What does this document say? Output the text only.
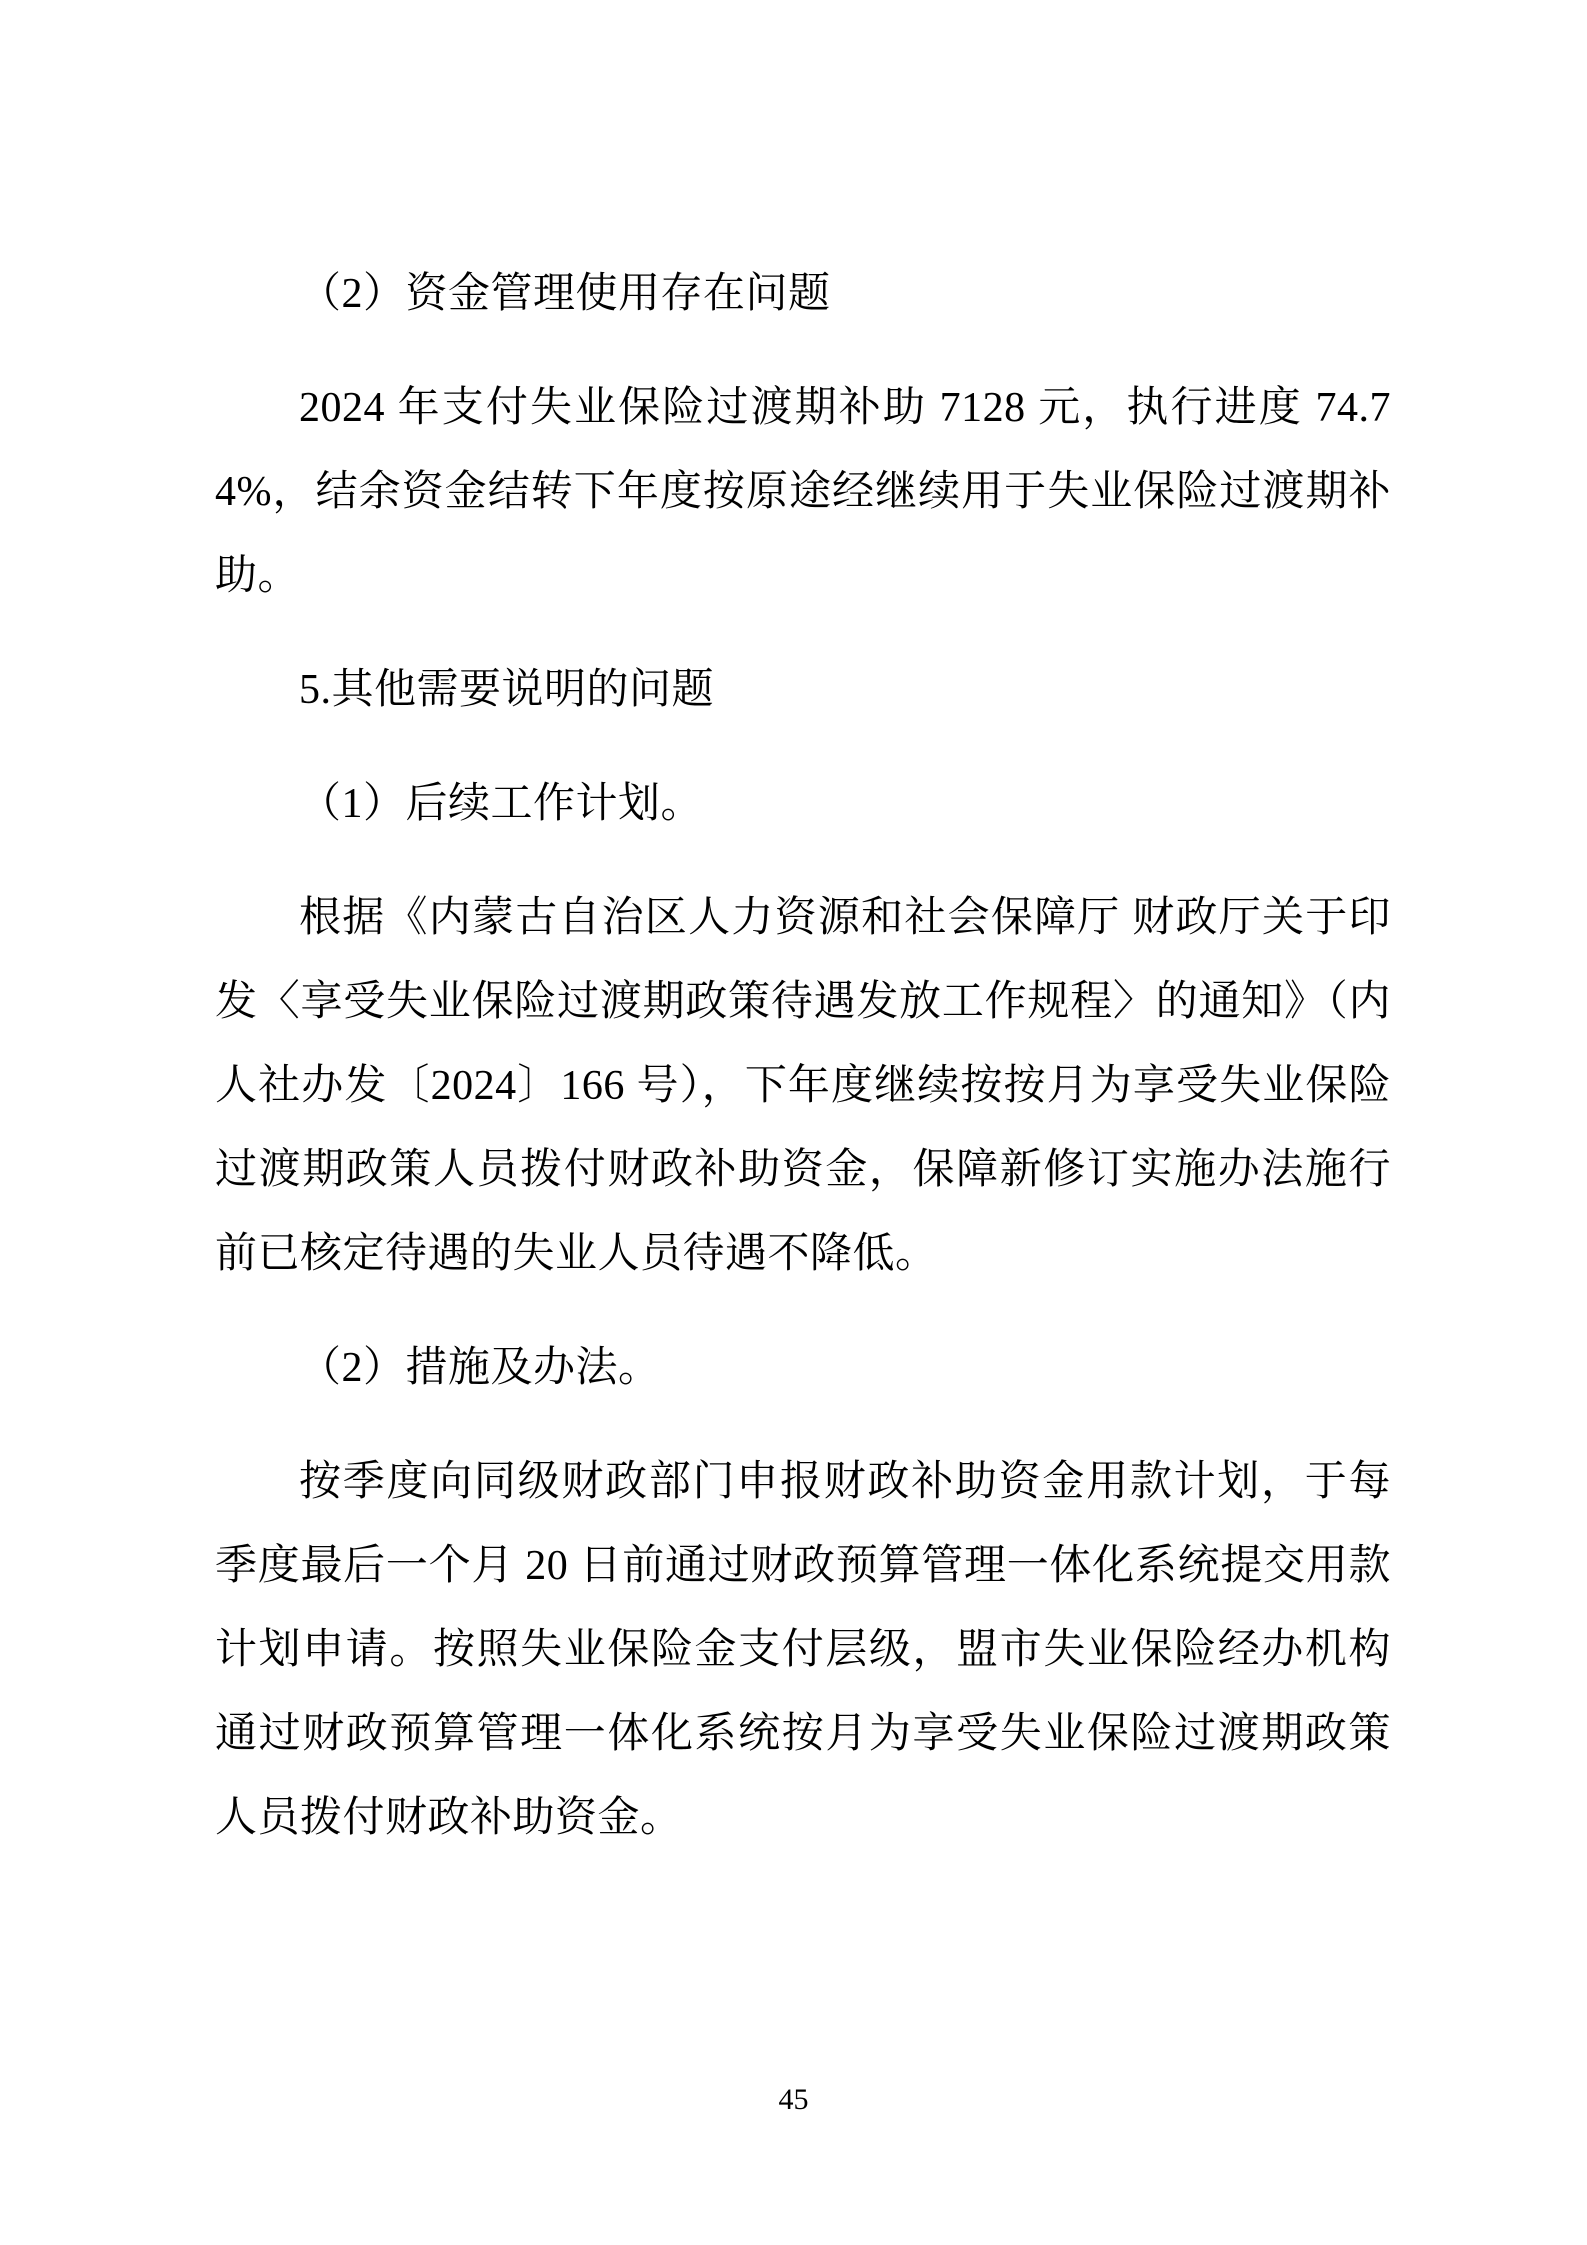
（2）资金管理使用存在问题

2024 年支付失业保险过渡期补助 7128 元，执行进度 74.74%，结余资金结转下年度按原途经继续用于失业保险过渡期补助。

5.其他需要说明的问题

（1）后续工作计划。

根据《内蒙古自治区人力资源和社会保障厅 财政厅关于印发〈享受失业保险过渡期政策待遇发放工作规程〉的通知》（内人社办发〔2024〕166 号），下年度继续按按月为享受失业保险过渡期政策人员拨付财政补助资金，保障新修订实施办法施行前已核定待遇的失业人员待遇不降低。

（2）措施及办法。

按季度向同级财政部门申报财政补助资金用款计划，于每季度最后一个月 20 日前通过财政预算管理一体化系统提交用款计划申请。按照失业保险金支付层级，盟市失业保险经办机构通过财政预算管理一体化系统按月为享受失业保险过渡期政策人员拨付财政补助资金。

45
